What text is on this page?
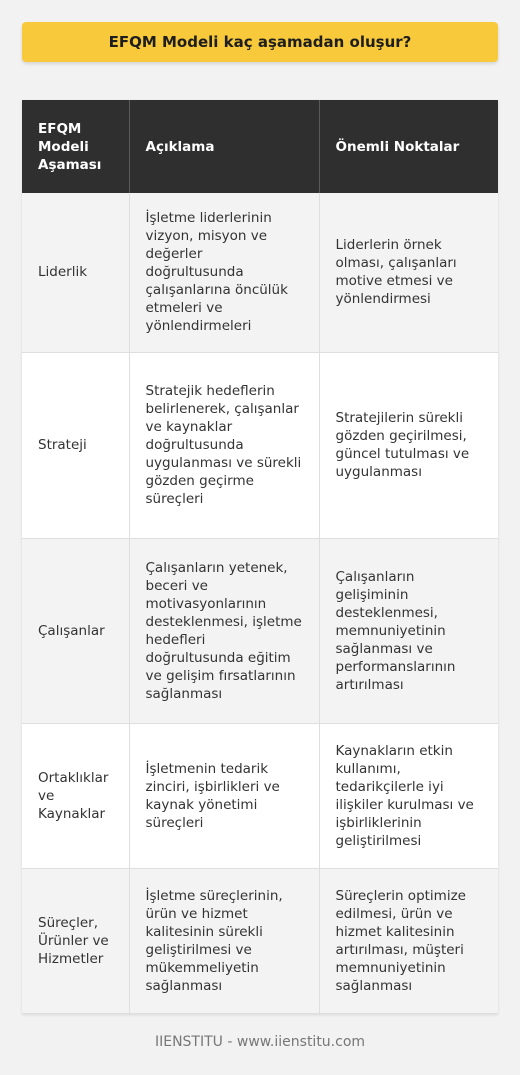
EFQM Modeli kaç aşamadan oluşur?
EFQM Modeli Aşaması	Açıklama	Önemli Noktalar
Liderlik	İşletme liderlerinin vizyon, misyon ve değerler doğrultusunda çalışanlarına öncülük etmeleri ve yönlendirmeleri	Liderlerin örnek olması, çalışanları motive etmesi ve yönlendirmesi
Strateji	Stratejik hedeflerin belirlenerek, çalışanlar ve kaynaklar doğrultusunda uygulanması ve sürekli gözden geçirme süreçleri	Stratejilerin sürekli gözden geçirilmesi, güncel tutulması ve uygulanması
Çalışanlar	Çalışanların yetenek, beceri ve motivasyonlarının desteklenmesi, işletme hedefleri doğrultusunda eğitim ve gelişim fırsatlarının sağlanması	Çalışanların gelişiminin desteklenmesi, memnuniyetinin sağlanması ve performanslarının artırılması
Ortaklıklar ve Kaynaklar	İşletmenin tedarik zinciri, işbirlikleri ve kaynak yönetimi süreçleri	Kaynakların etkin kullanımı, tedarikçilerle iyi ilişkiler kurulması ve işbirliklerinin geliştirilmesi
Süreçler, Ürünler ve Hizmetler	İşletme süreçlerinin, ürün ve hizmet kalitesinin sürekli geliştirilmesi ve mükemmeliyetin sağlanması	Süreçlerin optimize edilmesi, ürün ve hizmet kalitesinin artırılması, müşteri memnuniyetinin sağlanması
IIENSTITU - www.iienstitu.com
